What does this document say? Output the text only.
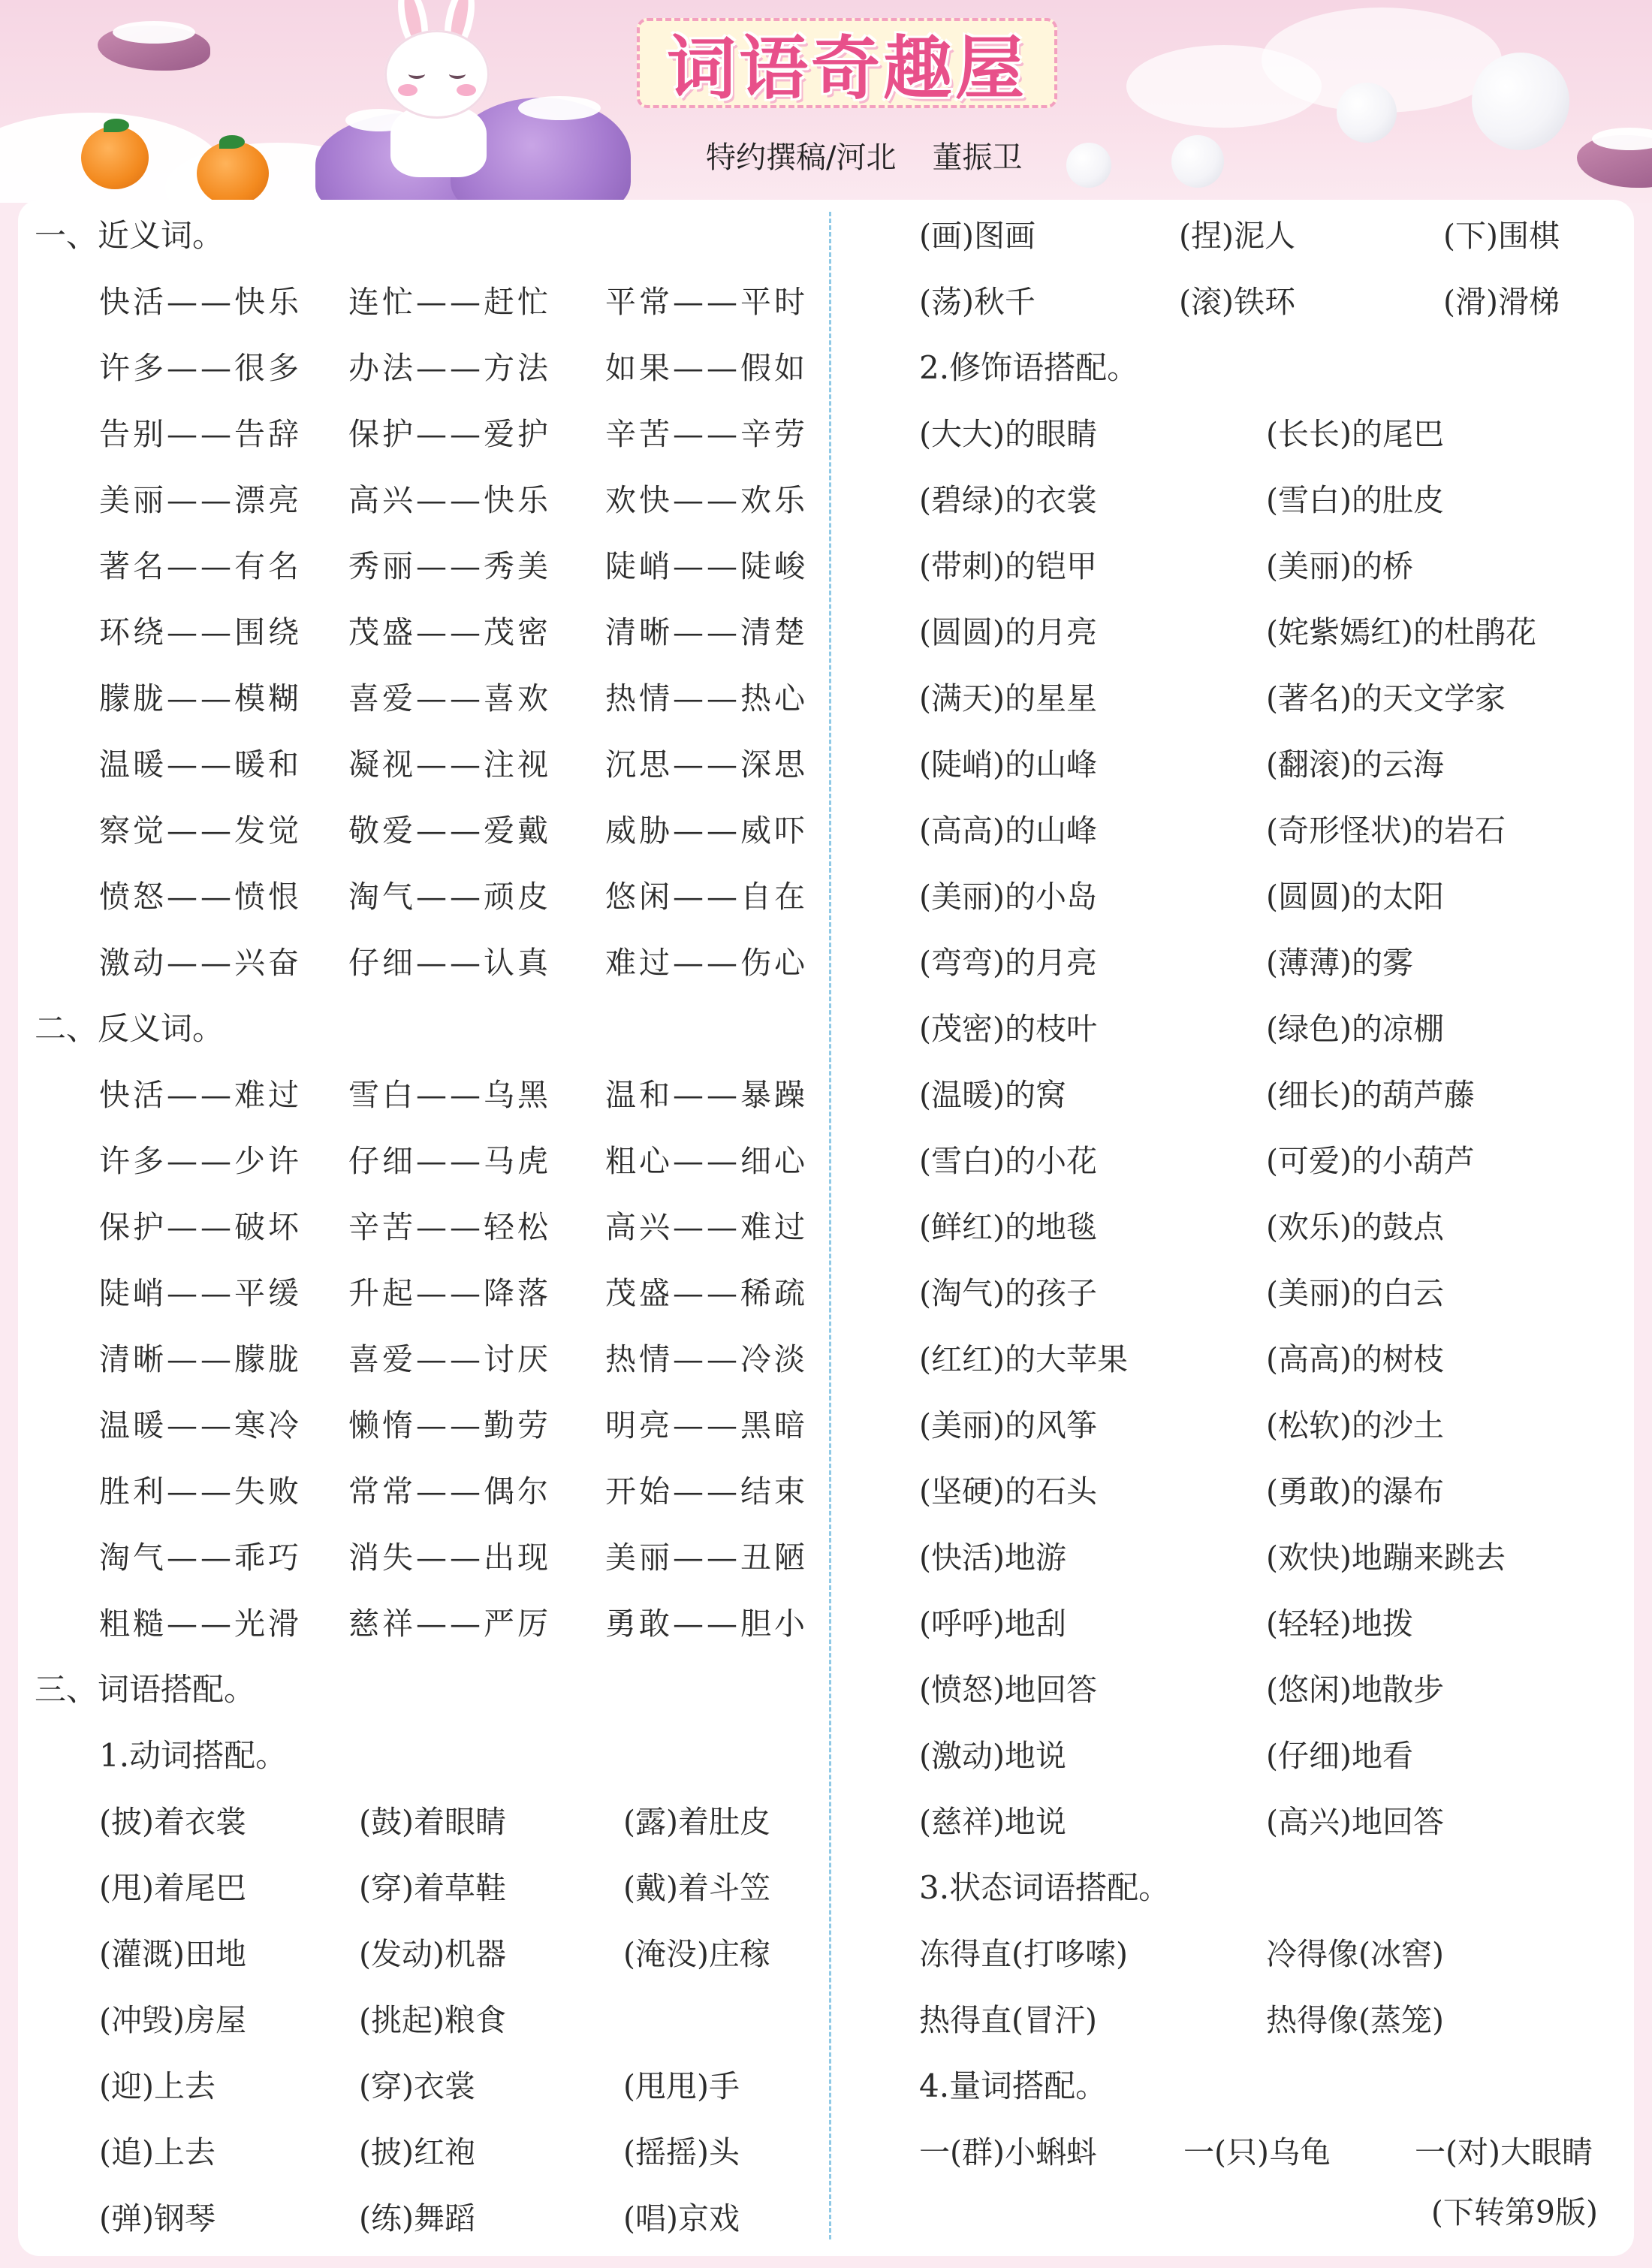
词语奇趣屋
特约撰稿/河北 董振卫
一、近义词。
快活——快乐	连忙——赶忙	平常——平时
许多——很多	办法——方法	如果——假如
告别——告辞	保护——爱护	辛苦——辛劳
美丽——漂亮	高兴——快乐	欢快——欢乐
著名——有名	秀丽——秀美	陡峭——陡峻
环绕——围绕	茂盛——茂密	清晰——清楚
朦胧——模糊	喜爱——喜欢	热情——热心
温暖——暖和	凝视——注视	沉思——深思
察觉——发觉	敬爱——爱戴	威胁——威吓
愤怒——愤恨	淘气——顽皮	悠闲——自在
激动——兴奋	仔细——认真	难过——伤心
二、反义词。
快活——难过	雪白——乌黑	温和——暴躁
许多——少许	仔细——马虎	粗心——细心
保护——破坏	辛苦——轻松	高兴——难过
陡峭——平缓	升起——降落	茂盛——稀疏
清晰——朦胧	喜爱——讨厌	热情——冷淡
温暖——寒冷	懒惰——勤劳	明亮——黑暗
胜利——失败	常常——偶尔	开始——结束
淘气——乖巧	消失——出现	美丽——丑陋
粗糙——光滑	慈祥——严厉	勇敢——胆小
三、词语搭配。
1.动词搭配。
(披)着衣裳	(鼓)着眼睛	(露)着肚皮
(甩)着尾巴	(穿)着草鞋	(戴)着斗笠
(灌溉)田地	(发动)机器	(淹没)庄稼
(冲毁)房屋	(挑起)粮食
(迎)上去	(穿)衣裳	(甩甩)手
(追)上去	(披)红袍	(摇摇)头
(弹)钢琴	(练)舞蹈	(唱)京戏
(画)图画	(捏)泥人	(下)围棋
(荡)秋千	(滚)铁环	(滑)滑梯
2.修饰语搭配。
(大大)的眼睛	(长长)的尾巴
(碧绿)的衣裳	(雪白)的肚皮
(带刺)的铠甲	(美丽)的桥
(圆圆)的月亮	(姹紫嫣红)的杜鹃花
(满天)的星星	(著名)的天文学家
(陡峭)的山峰	(翻滚)的云海
(高高)的山峰	(奇形怪状)的岩石
(美丽)的小岛	(圆圆)的太阳
(弯弯)的月亮	(薄薄)的雾
(茂密)的枝叶	(绿色)的凉棚
(温暖)的窝	(细长)的葫芦藤
(雪白)的小花	(可爱)的小葫芦
(鲜红)的地毯	(欢乐)的鼓点
(淘气)的孩子	(美丽)的白云
(红红)的大苹果	(高高)的树枝
(美丽)的风筝	(松软)的沙土
(坚硬)的石头	(勇敢)的瀑布
(快活)地游	(欢快)地蹦来跳去
(呼呼)地刮	(轻轻)地拨
(愤怒)地回答	(悠闲)地散步
(激动)地说	(仔细)地看
(慈祥)地说	(高兴)地回答
3.状态词语搭配。
冻得直(打哆嗦)	冷得像(冰窖)
热得直(冒汗)	热得像(蒸笼)
4.量词搭配。
一(群)小蝌蚪	一(只)乌龟	一(对)大眼睛
(下转第9版)
